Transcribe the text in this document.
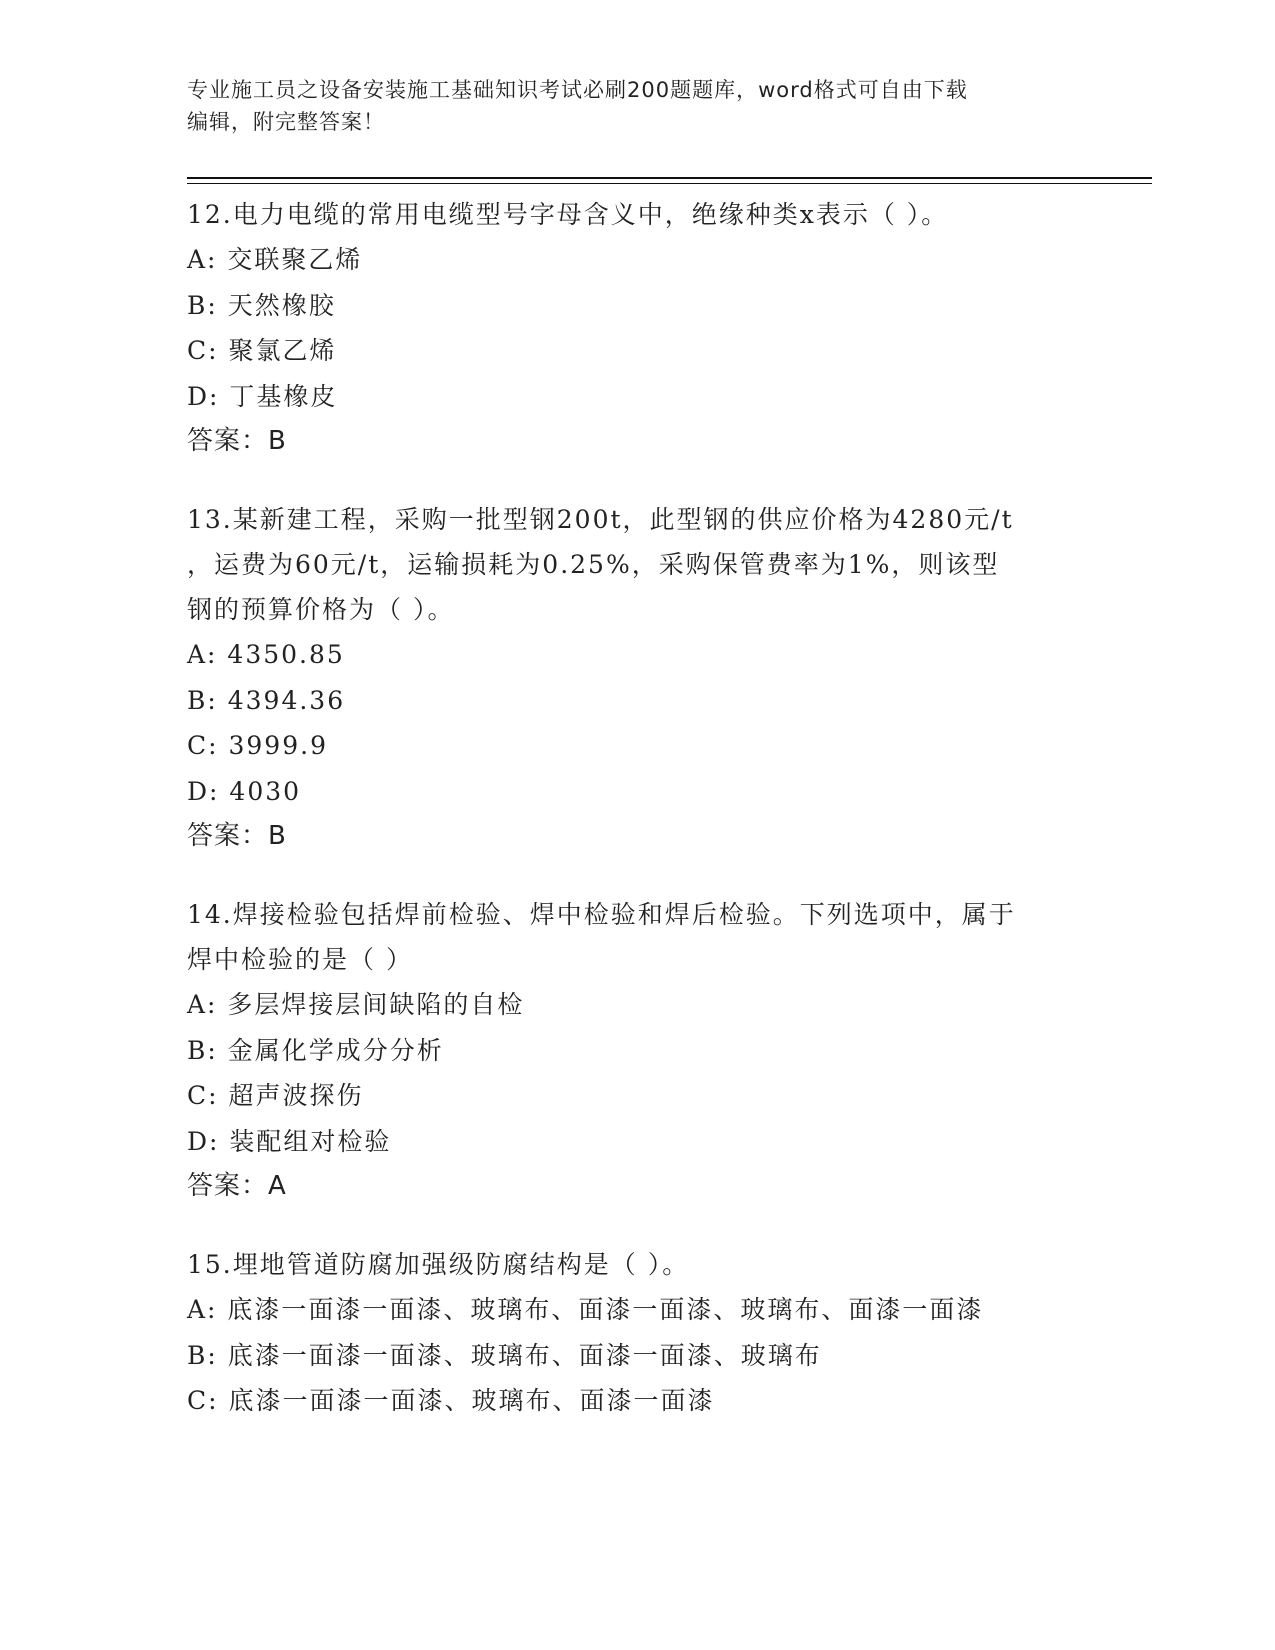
专业施工员之设备安装施工基础知识考试必刷200题题库，word格式可自由下载
编辑，附完整答案！
12.电力电缆的常用电缆型号字母含义中，绝缘种类x表示（ ）。
A: 交联聚乙烯
B: 天然橡胶
C: 聚氯乙烯
D: 丁基橡皮
答案：B
13.某新建工程，采购一批型钢200t，此型钢的供应价格为4280元/t
，运费为60元/t，运输损耗为0.25%，采购保管费率为1%，则该型
钢的预算价格为（ ）。
A: 4350.85
B: 4394.36
C: 3999.9
D: 4030
答案：B
14.焊接检验包括焊前检验、焊中检验和焊后检验。下列选项中，属于
焊中检验的是（ ）
A: 多层焊接层间缺陷的自检
B: 金属化学成分分析
C: 超声波探伤
D: 装配组对检验
答案：A
15.埋地管道防腐加强级防腐结构是（ ）。
A: 底漆一面漆一面漆、玻璃布、面漆一面漆、玻璃布、面漆一面漆
B: 底漆一面漆一面漆、玻璃布、面漆一面漆、玻璃布
C: 底漆一面漆一面漆、玻璃布、面漆一面漆
